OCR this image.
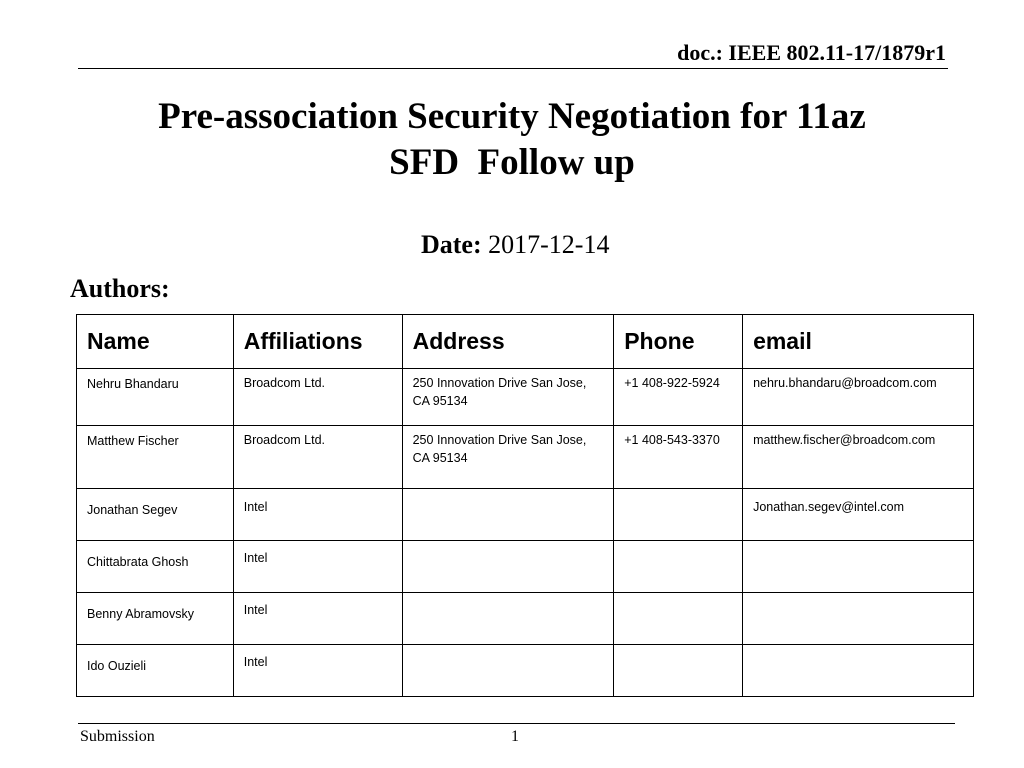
doc.: IEEE 802.11-17/1879r1
Pre-association Security Negotiation for 11az
SFD  Follow up
Date: 2017-12-14
Authors:
Name	Affiliations	Address	Phone	email
Nehru Bhandaru	Broadcom Ltd.	250 Innovation Drive San Jose, CA 95134	+1 408-922-5924	nehru.bhandaru@broadcom.com
Matthew Fischer	Broadcom Ltd.	250 Innovation Drive San Jose, CA 95134	+1 408-543-3370	matthew.fischer@broadcom.com
Jonathan Segev	Intel			Jonathan.segev@intel.com
Chittabrata Ghosh	Intel			
Benny Abramovsky	Intel			
Ido Ouzieli	Intel			
Submission	1
